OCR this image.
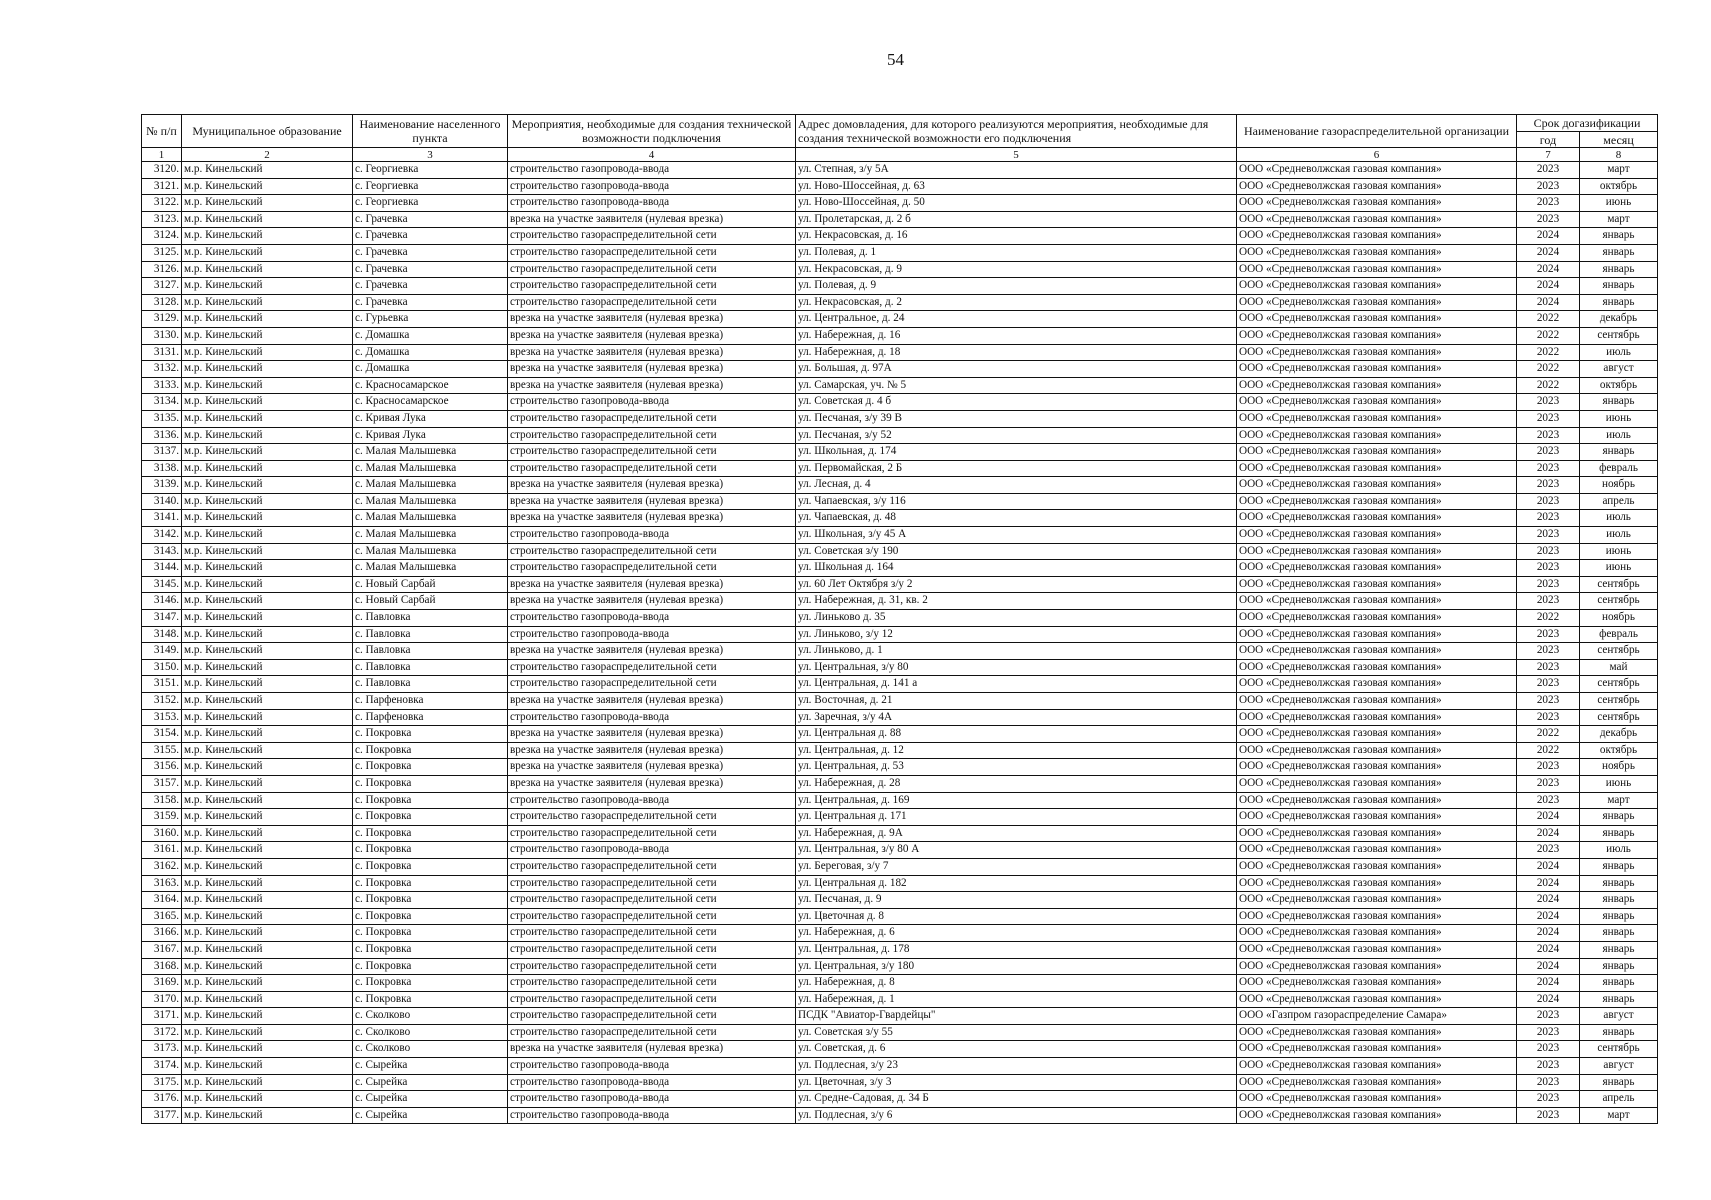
54
№ п/п	Муниципальное образование	Наименование населенного пункта	Мероприятия, необходимые для создания технической возможности подключения	Адрес домовладения, для которого реализуются мероприятия, необходимые для создания технической возможности его подключения	Наименование газораспределительной организации	Срок догазификации	
						год	месяц
1	2	3	4	5	6	7	8
3120.	м.р. Кинельский	с. Георгиевка	строительство газопровода-ввода	ул. Степная, з/у 5А	ООО «Средневолжская газовая компания»	2023	март
3121.	м.р. Кинельский	с. Георгиевка	строительство газопровода-ввода	ул. Ново-Шоссейная, д. 63	ООО «Средневолжская газовая компания»	2023	октябрь
3122.	м.р. Кинельский	с. Георгиевка	строительство газопровода-ввода	ул. Ново-Шоссейная, д. 50	ООО «Средневолжская газовая компания»	2023	июнь
3123.	м.р. Кинельский	с. Грачевка	врезка на участке заявителя (нулевая врезка)	ул. Пролетарская, д. 2 б	ООО «Средневолжская газовая компания»	2023	март
3124.	м.р. Кинельский	с. Грачевка	строительство газораспределительной сети	ул. Некрасовская, д. 16	ООО «Средневолжская газовая компания»	2024	январь
3125.	м.р. Кинельский	с. Грачевка	строительство газораспределительной сети	ул. Полевая, д. 1	ООО «Средневолжская газовая компания»	2024	январь
3126.	м.р. Кинельский	с. Грачевка	строительство газораспределительной сети	ул. Некрасовская, д. 9	ООО «Средневолжская газовая компания»	2024	январь
3127.	м.р. Кинельский	с. Грачевка	строительство газораспределительной сети	ул. Полевая, д. 9	ООО «Средневолжская газовая компания»	2024	январь
3128.	м.р. Кинельский	с. Грачевка	строительство газораспределительной сети	ул. Некрасовская, д. 2	ООО «Средневолжская газовая компания»	2024	январь
3129.	м.р. Кинельский	с. Гурьевка	врезка на участке заявителя (нулевая врезка)	ул. Центральное, д. 24	ООО «Средневолжская газовая компания»	2022	декабрь
3130.	м.р. Кинельский	с. Домашка	врезка на участке заявителя (нулевая врезка)	ул. Набережная, д. 16	ООО «Средневолжская газовая компания»	2022	сентябрь
3131.	м.р. Кинельский	с. Домашка	врезка на участке заявителя (нулевая врезка)	ул. Набережная, д. 18	ООО «Средневолжская газовая компания»	2022	июль
3132.	м.р. Кинельский	с. Домашка	врезка на участке заявителя (нулевая врезка)	ул. Большая, д. 97А	ООО «Средневолжская газовая компания»	2022	август
3133.	м.р. Кинельский	с. Красносамарское	врезка на участке заявителя (нулевая врезка)	ул. Самарская, уч. № 5	ООО «Средневолжская газовая компания»	2022	октябрь
3134.	м.р. Кинельский	с. Красносамарское	строительство газопровода-ввода	ул. Советская д. 4 б	ООО «Средневолжская газовая компания»	2023	январь
3135.	м.р. Кинельский	с. Кривая Лука	строительство газораспределительной сети	ул. Песчаная, з/у 39 В	ООО «Средневолжская газовая компания»	2023	июнь
3136.	м.р. Кинельский	с. Кривая Лука	строительство газораспределительной сети	ул. Песчаная, з/у 52	ООО «Средневолжская газовая компания»	2023	июль
3137.	м.р. Кинельский	с. Малая Малышевка	строительство газораспределительной сети	ул. Школьная, д. 174	ООО «Средневолжская газовая компания»	2023	январь
3138.	м.р. Кинельский	с. Малая Малышевка	строительство газораспределительной сети	ул. Первомайская, 2 Б	ООО «Средневолжская газовая компания»	2023	февраль
3139.	м.р. Кинельский	с. Малая Малышевка	врезка на участке заявителя (нулевая врезка)	ул. Лесная, д. 4	ООО «Средневолжская газовая компания»	2023	ноябрь
3140.	м.р. Кинельский	с. Малая Малышевка	врезка на участке заявителя (нулевая врезка)	ул. Чапаевская, з/у 116	ООО «Средневолжская газовая компания»	2023	апрель
3141.	м.р. Кинельский	с. Малая Малышевка	врезка на участке заявителя (нулевая врезка)	ул. Чапаевская, д. 48	ООО «Средневолжская газовая компания»	2023	июль
3142.	м.р. Кинельский	с. Малая Малышевка	строительство газопровода-ввода	ул. Школьная, з/у 45 А	ООО «Средневолжская газовая компания»	2023	июль
3143.	м.р. Кинельский	с. Малая Малышевка	строительство газораспределительной сети	ул. Советская з/у 190	ООО «Средневолжская газовая компания»	2023	июнь
3144.	м.р. Кинельский	с. Малая Малышевка	строительство газораспределительной сети	ул. Школьная д. 164	ООО «Средневолжская газовая компания»	2023	июнь
3145.	м.р. Кинельский	с. Новый Сарбай	врезка на участке заявителя (нулевая врезка)	ул. 60 Лет Октября з/у 2	ООО «Средневолжская газовая компания»	2023	сентябрь
3146.	м.р. Кинельский	с. Новый Сарбай	врезка на участке заявителя (нулевая врезка)	ул. Набережная, д. 31, кв. 2	ООО «Средневолжская газовая компания»	2023	сентябрь
3147.	м.р. Кинельский	с. Павловка	строительство газопровода-ввода	ул. Линьково д. 35	ООО «Средневолжская газовая компания»	2022	ноябрь
3148.	м.р. Кинельский	с. Павловка	строительство газопровода-ввода	ул. Линьково, з/у 12	ООО «Средневолжская газовая компания»	2023	февраль
3149.	м.р. Кинельский	с. Павловка	врезка на участке заявителя (нулевая врезка)	ул. Линьково, д. 1	ООО «Средневолжская газовая компания»	2023	сентябрь
3150.	м.р. Кинельский	с. Павловка	строительство газораспределительной сети	ул. Центральная, з/у 80	ООО «Средневолжская газовая компания»	2023	май
3151.	м.р. Кинельский	с. Павловка	строительство газораспределительной сети	ул. Центральная, д. 141 а	ООО «Средневолжская газовая компания»	2023	сентябрь
3152.	м.р. Кинельский	с. Парфеновка	врезка на участке заявителя (нулевая врезка)	ул. Восточная, д. 21	ООО «Средневолжская газовая компания»	2023	сентябрь
3153.	м.р. Кинельский	с. Парфеновка	строительство газопровода-ввода	ул. Заречная, з/у 4А	ООО «Средневолжская газовая компания»	2023	сентябрь
3154.	м.р. Кинельский	с. Покровка	врезка на участке заявителя (нулевая врезка)	ул. Центральная д. 88	ООО «Средневолжская газовая компания»	2022	декабрь
3155.	м.р. Кинельский	с. Покровка	врезка на участке заявителя (нулевая врезка)	ул. Центральная, д. 12	ООО «Средневолжская газовая компания»	2022	октябрь
3156.	м.р. Кинельский	с. Покровка	врезка на участке заявителя (нулевая врезка)	ул. Центральная, д. 53	ООО «Средневолжская газовая компания»	2023	ноябрь
3157.	м.р. Кинельский	с. Покровка	врезка на участке заявителя (нулевая врезка)	ул. Набережная, д. 28	ООО «Средневолжская газовая компания»	2023	июнь
3158.	м.р. Кинельский	с. Покровка	строительство газопровода-ввода	ул. Центральная, д. 169	ООО «Средневолжская газовая компания»	2023	март
3159.	м.р. Кинельский	с. Покровка	строительство газораспределительной сети	ул. Центральная д. 171	ООО «Средневолжская газовая компания»	2024	январь
3160.	м.р. Кинельский	с. Покровка	строительство газораспределительной сети	ул. Набережная, д. 9А	ООО «Средневолжская газовая компания»	2024	январь
3161.	м.р. Кинельский	с. Покровка	строительство газопровода-ввода	ул. Центральная, з/у 80 А	ООО «Средневолжская газовая компания»	2023	июль
3162.	м.р. Кинельский	с. Покровка	строительство газораспределительной сети	ул. Береговая, з/у 7	ООО «Средневолжская газовая компания»	2024	январь
3163.	м.р. Кинельский	с. Покровка	строительство газораспределительной сети	ул. Центральная д. 182	ООО «Средневолжская газовая компания»	2024	январь
3164.	м.р. Кинельский	с. Покровка	строительство газораспределительной сети	ул. Песчаная, д. 9	ООО «Средневолжская газовая компания»	2024	январь
3165.	м.р. Кинельский	с. Покровка	строительство газораспределительной сети	ул. Цветочная д. 8	ООО «Средневолжская газовая компания»	2024	январь
3166.	м.р. Кинельский	с. Покровка	строительство газораспределительной сети	ул. Набережная, д. 6	ООО «Средневолжская газовая компания»	2024	январь
3167.	м.р. Кинельский	с. Покровка	строительство газораспределительной сети	ул. Центральная, д. 178	ООО «Средневолжская газовая компания»	2024	январь
3168.	м.р. Кинельский	с. Покровка	строительство газораспределительной сети	ул. Центральная, з/у 180	ООО «Средневолжская газовая компания»	2024	январь
3169.	м.р. Кинельский	с. Покровка	строительство газораспределительной сети	ул. Набережная, д. 8	ООО «Средневолжская газовая компания»	2024	январь
3170.	м.р. Кинельский	с. Покровка	строительство газораспределительной сети	ул. Набережная, д. 1	ООО «Средневолжская газовая компания»	2024	январь
3171.	м.р. Кинельский	с. Сколково	строительство газораспределительной сети	ПСДК "Авиатор-Гвардейцы"	ООО «Газпром газораспределение Самара»	2023	август
3172.	м.р. Кинельский	с. Сколково	строительство газораспределительной сети	ул. Советская з/у 55	ООО «Средневолжская газовая компания»	2023	январь
3173.	м.р. Кинельский	с. Сколково	врезка на участке заявителя (нулевая врезка)	ул. Советская, д. 6	ООО «Средневолжская газовая компания»	2023	сентябрь
3174.	м.р. Кинельский	с. Сырейка	строительство газопровода-ввода	ул. Подлесная, з/у 23	ООО «Средневолжская газовая компания»	2023	август
3175.	м.р. Кинельский	с. Сырейка	строительство газопровода-ввода	ул. Цветочная, з/у 3	ООО «Средневолжская газовая компания»	2023	январь
3176.	м.р. Кинельский	с. Сырейка	строительство газопровода-ввода	ул. Средне-Садовая, д. 34 Б	ООО «Средневолжская газовая компания»	2023	апрель
3177.	м.р. Кинельский	с. Сырейка	строительство газопровода-ввода	ул. Подлесная, з/у 6	ООО «Средневолжская газовая компания»	2023	март
